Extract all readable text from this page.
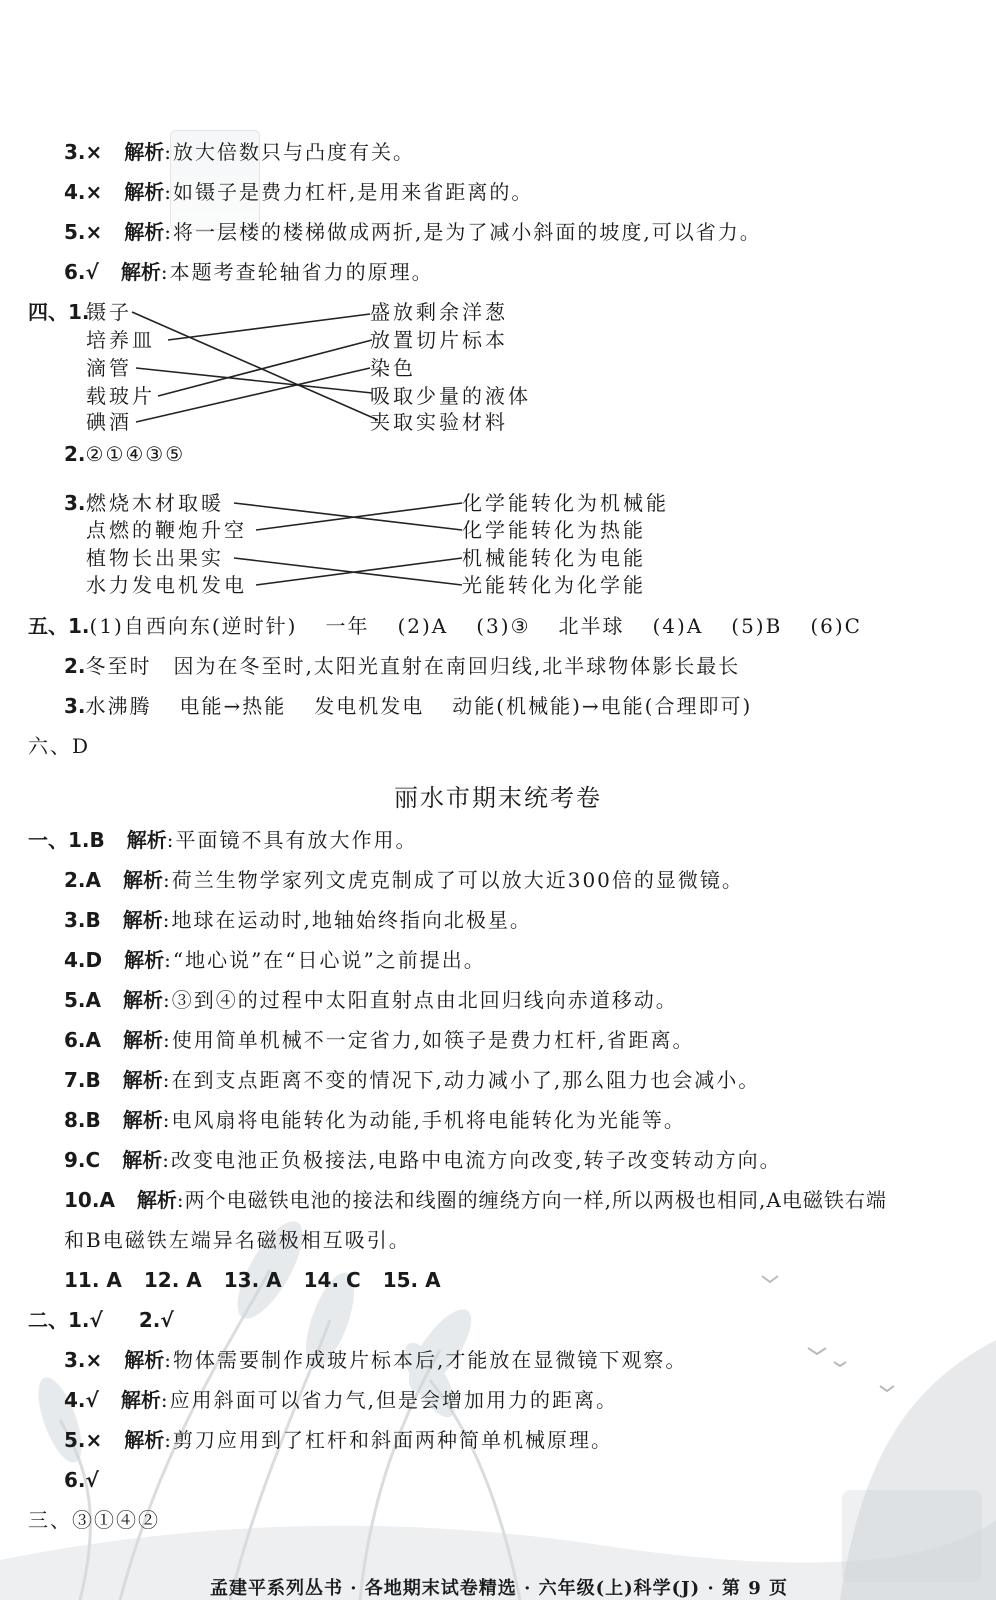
3.× 解析:放大倍数只与凸度有关。
4.× 解析:如镊子是费力杠杆,是用来省距离的。
5.× 解析:将一层楼的楼梯做成两折,是为了减小斜面的坡度,可以省力。
6.√ 解析:本题考查轮轴省力的原理。
四、1.
镊子
培养皿
滴管
载玻片
碘酒
盛放剩余洋葱
放置切片标本
染色
吸取少量的液体
夹取实验材料
2.②①④③⑤
3. 燃烧木材取暖
点燃的鞭炮升空
植物长出果实
水力发电机发电
化学能转化为机械能
化学能转化为热能
机械能转化为电能
光能转化为化学能
五、1.(1)自西向东(逆时针) 一年 (2)A (3)③ 北半球 (4)A (5)B (6)C
2.冬至时 因为在冬至时,太阳光直射在南回归线,北半球物体影长最长
3.水沸腾 电能→热能 发电机发电 动能(机械能)→电能(合理即可)
六、D
丽水市期末统考卷
一、1.B 解析:平面镜不具有放大作用。
2.A 解析:荷兰生物学家列文虎克制成了可以放大近300倍的显微镜。
3.B 解析:地球在运动时,地轴始终指向北极星。
4.D 解析:“地心说”在“日心说”之前提出。
5.A 解析:③到④的过程中太阳直射点由北回归线向赤道移动。
6.A 解析:使用简单机械不一定省力,如筷子是费力杠杆,省距离。
7.B 解析:在到支点距离不变的情况下,动力减小了,那么阻力也会减小。
8.B 解析:电风扇将电能转化为动能,手机将电能转化为光能等。
9.C 解析:改变电池正负极接法,电路中电流方向改变,转子改变转动方向。
10.A 解析:两个电磁铁电池的接法和线圈的缠绕方向一样,所以两极也相同,A电磁铁右端
和B电磁铁左端异名磁极相互吸引。
11. A 12. A 13. A 14. C 15. A
二、1.√ 2.√
3.× 解析:物体需要制作成玻片标本后,才能放在显微镜下观察。
4.√ 解析:应用斜面可以省力气,但是会增加用力的距离。
5.× 解析:剪刀应用到了杠杆和斜面两种简单机械原理。
6.√
三、③①④②
孟建平系列丛书 · 各地期末试卷精选 · 六年级(上)科学(J) · 第 9 页
